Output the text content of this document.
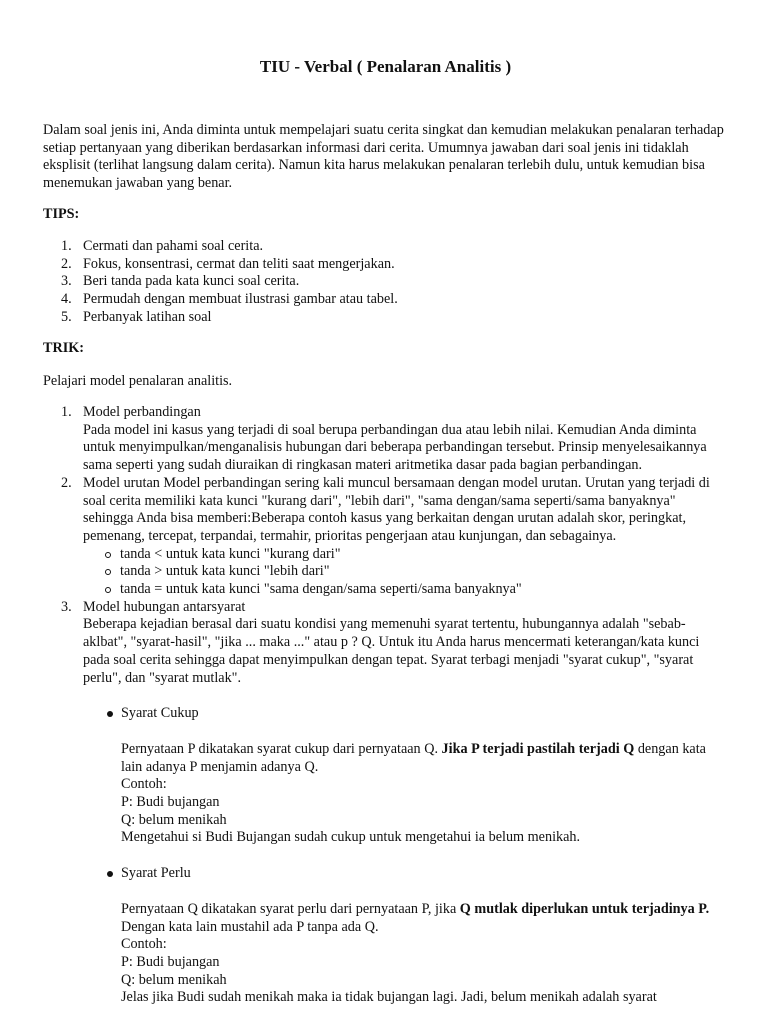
TIU - Verbal ( Penalaran Analitis )

Dalam soal jenis ini, Anda diminta untuk mempelajari suatu cerita singkat dan kemudian melakukan penalaran terhadap setiap pertanyaan yang diberikan berdasarkan informasi dari cerita. Umumnya jawaban dari soal jenis ini tidaklah eksplisit (terlihat langsung dalam cerita). Namun kita harus melakukan penalaran terlebih dulu, untuk kemudian bisa menemukan jawaban yang benar.

TIPS:

1. Cermati dan pahami soal cerita.
2. Fokus, konsentrasi, cermat dan teliti saat mengerjakan.
3. Beri tanda pada kata kunci soal cerita.
4. Permudah dengan membuat ilustrasi gambar atau tabel.
5. Perbanyak latihan soal

TRIK:

Pelajari model penalaran analitis.

1. Model perbandingan
Pada model ini kasus yang terjadi di soal berupa perbandingan dua atau lebih nilai. Kemudian Anda diminta untuk menyimpulkan/menganalisis hubungan dari beberapa perbandingan tersebut. Prinsip menyelesaikannya sama seperti yang sudah diuraikan di ringkasan materi aritmetika dasar pada bagian perbandingan.
2. Model urutan Model perbandingan sering kali muncul bersamaan dengan model urutan. Urutan yang terjadi di soal cerita memiliki kata kunci "kurang dari", "lebih dari", "sama dengan/sama seperti/sama banyaknya" sehingga Anda bisa memberi:Beberapa contoh kasus yang berkaitan dengan urutan adalah skor, peringkat, pemenang, tercepat, terpandai, termahir, prioritas pengerjaan atau kunjungan, dan sebagainya.
tanda < untuk kata kunci "kurang dari"
tanda > untuk kata kunci "lebih dari"
tanda = untuk kata kunci "sama dengan/sama seperti/sama banyaknya"
3. Model hubungan antarsyarat
Beberapa kejadian berasal dari suatu kondisi yang memenuhi syarat tertentu, hubungannya adalah "sebab-aklbat", "syarat-hasil", "jika ... maka ..." atau p ? Q. Untuk itu Anda harus mencermati keterangan/kata kunci pada soal cerita sehingga dapat menyimpulkan dengan tepat. Syarat terbagi menjadi "syarat cukup", "syarat perlu", dan "syarat mutlak".
Syarat Cukup
Pernyataan P dikatakan syarat cukup dari pernyataan Q. Jika P terjadi pastilah terjadi Q dengan kata lain adanya P menjamin adanya Q.
Contoh:
P: Budi bujangan
Q: belum menikah
Mengetahui si Budi Bujangan sudah cukup untuk mengetahui ia belum menikah.
Syarat Perlu
Pernyataan Q dikatakan syarat perlu dari pernyataan P, jika Q mutlak diperlukan untuk terjadinya P. Dengan kata lain mustahil ada P tanpa ada Q.
Contoh:
P: Budi bujangan
Q: belum menikah
Jelas jika Budi sudah menikah maka ia tidak bujangan lagi. Jadi, belum menikah adalah syarat
